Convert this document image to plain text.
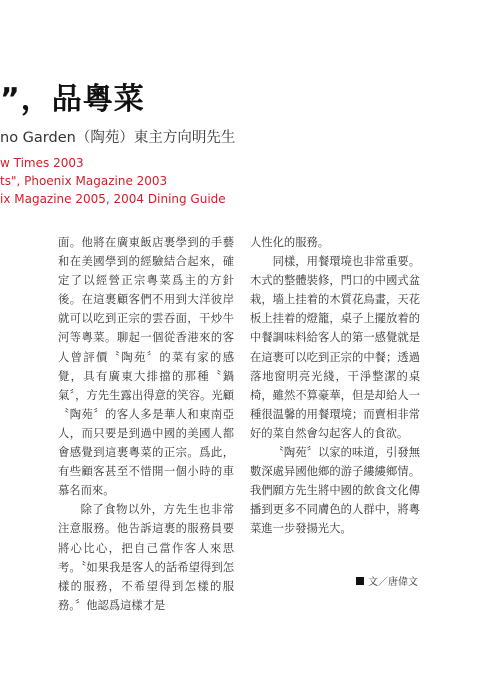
”，品粵菜
no Garden（陶苑）東主方向明先生
w Times 2003
ts", Phoenix Magazine 2003
ix Magazine 2005, 2004 Dining Guide

面。他將在廣東飯店裹學到的手藝和在美國學到的經驗結合起來，確定了以經營正宗粵菜爲主的方針後。在這裹顧客們不用到大洋彼岸就可以吃到正宗的雲吞面，干炒牛河等粵菜。聊起一個從香港來的客人曾評價〝陶苑〞的菜有家的感覺，具有廣東大排擋的那種〝鍋氣〞，方先生露出得意的笑容。光顧〝陶苑〞的客人多是華人和東南亞人，而只要是到過中國的美國人都會感覺到這裹粵菜的正宗。爲此，有些顧客甚至不惜開一個小時的車慕名而來。

除了食物以外，方先生也非常注意服務。他告訴這裹的服務員要將心比心，把自己當作客人來思考。〝如果我是客人的話希望得到怎樣的服務，不希望得到怎樣的服務。〞他認爲這樣才是

人性化的服務。

同樣，用餐環境也非常重要。木式的整體裝修，門口的中國式盆栽，墻上挂着的木質花鳥畫，天花板上挂着的燈籠，桌子上擺放着的中餐調味料給客人的第一感覺就是在這裹可以吃到正宗的中餐；透過落地窗明亮光綫，干淨整潔的桌椅，雖然不算豪華，但是却給人一種很温馨的用餐環境；而賣相非常好的菜自然會勾起客人的食欲。

〝陶苑〞以家的味道，引發無數深處异國他鄉的游子縷縷鄉情。我們願方先生將中國的飲食文化傳播到更多不同膚色的人群中，將粵菜進一步發揚光大。

文／唐偉文
